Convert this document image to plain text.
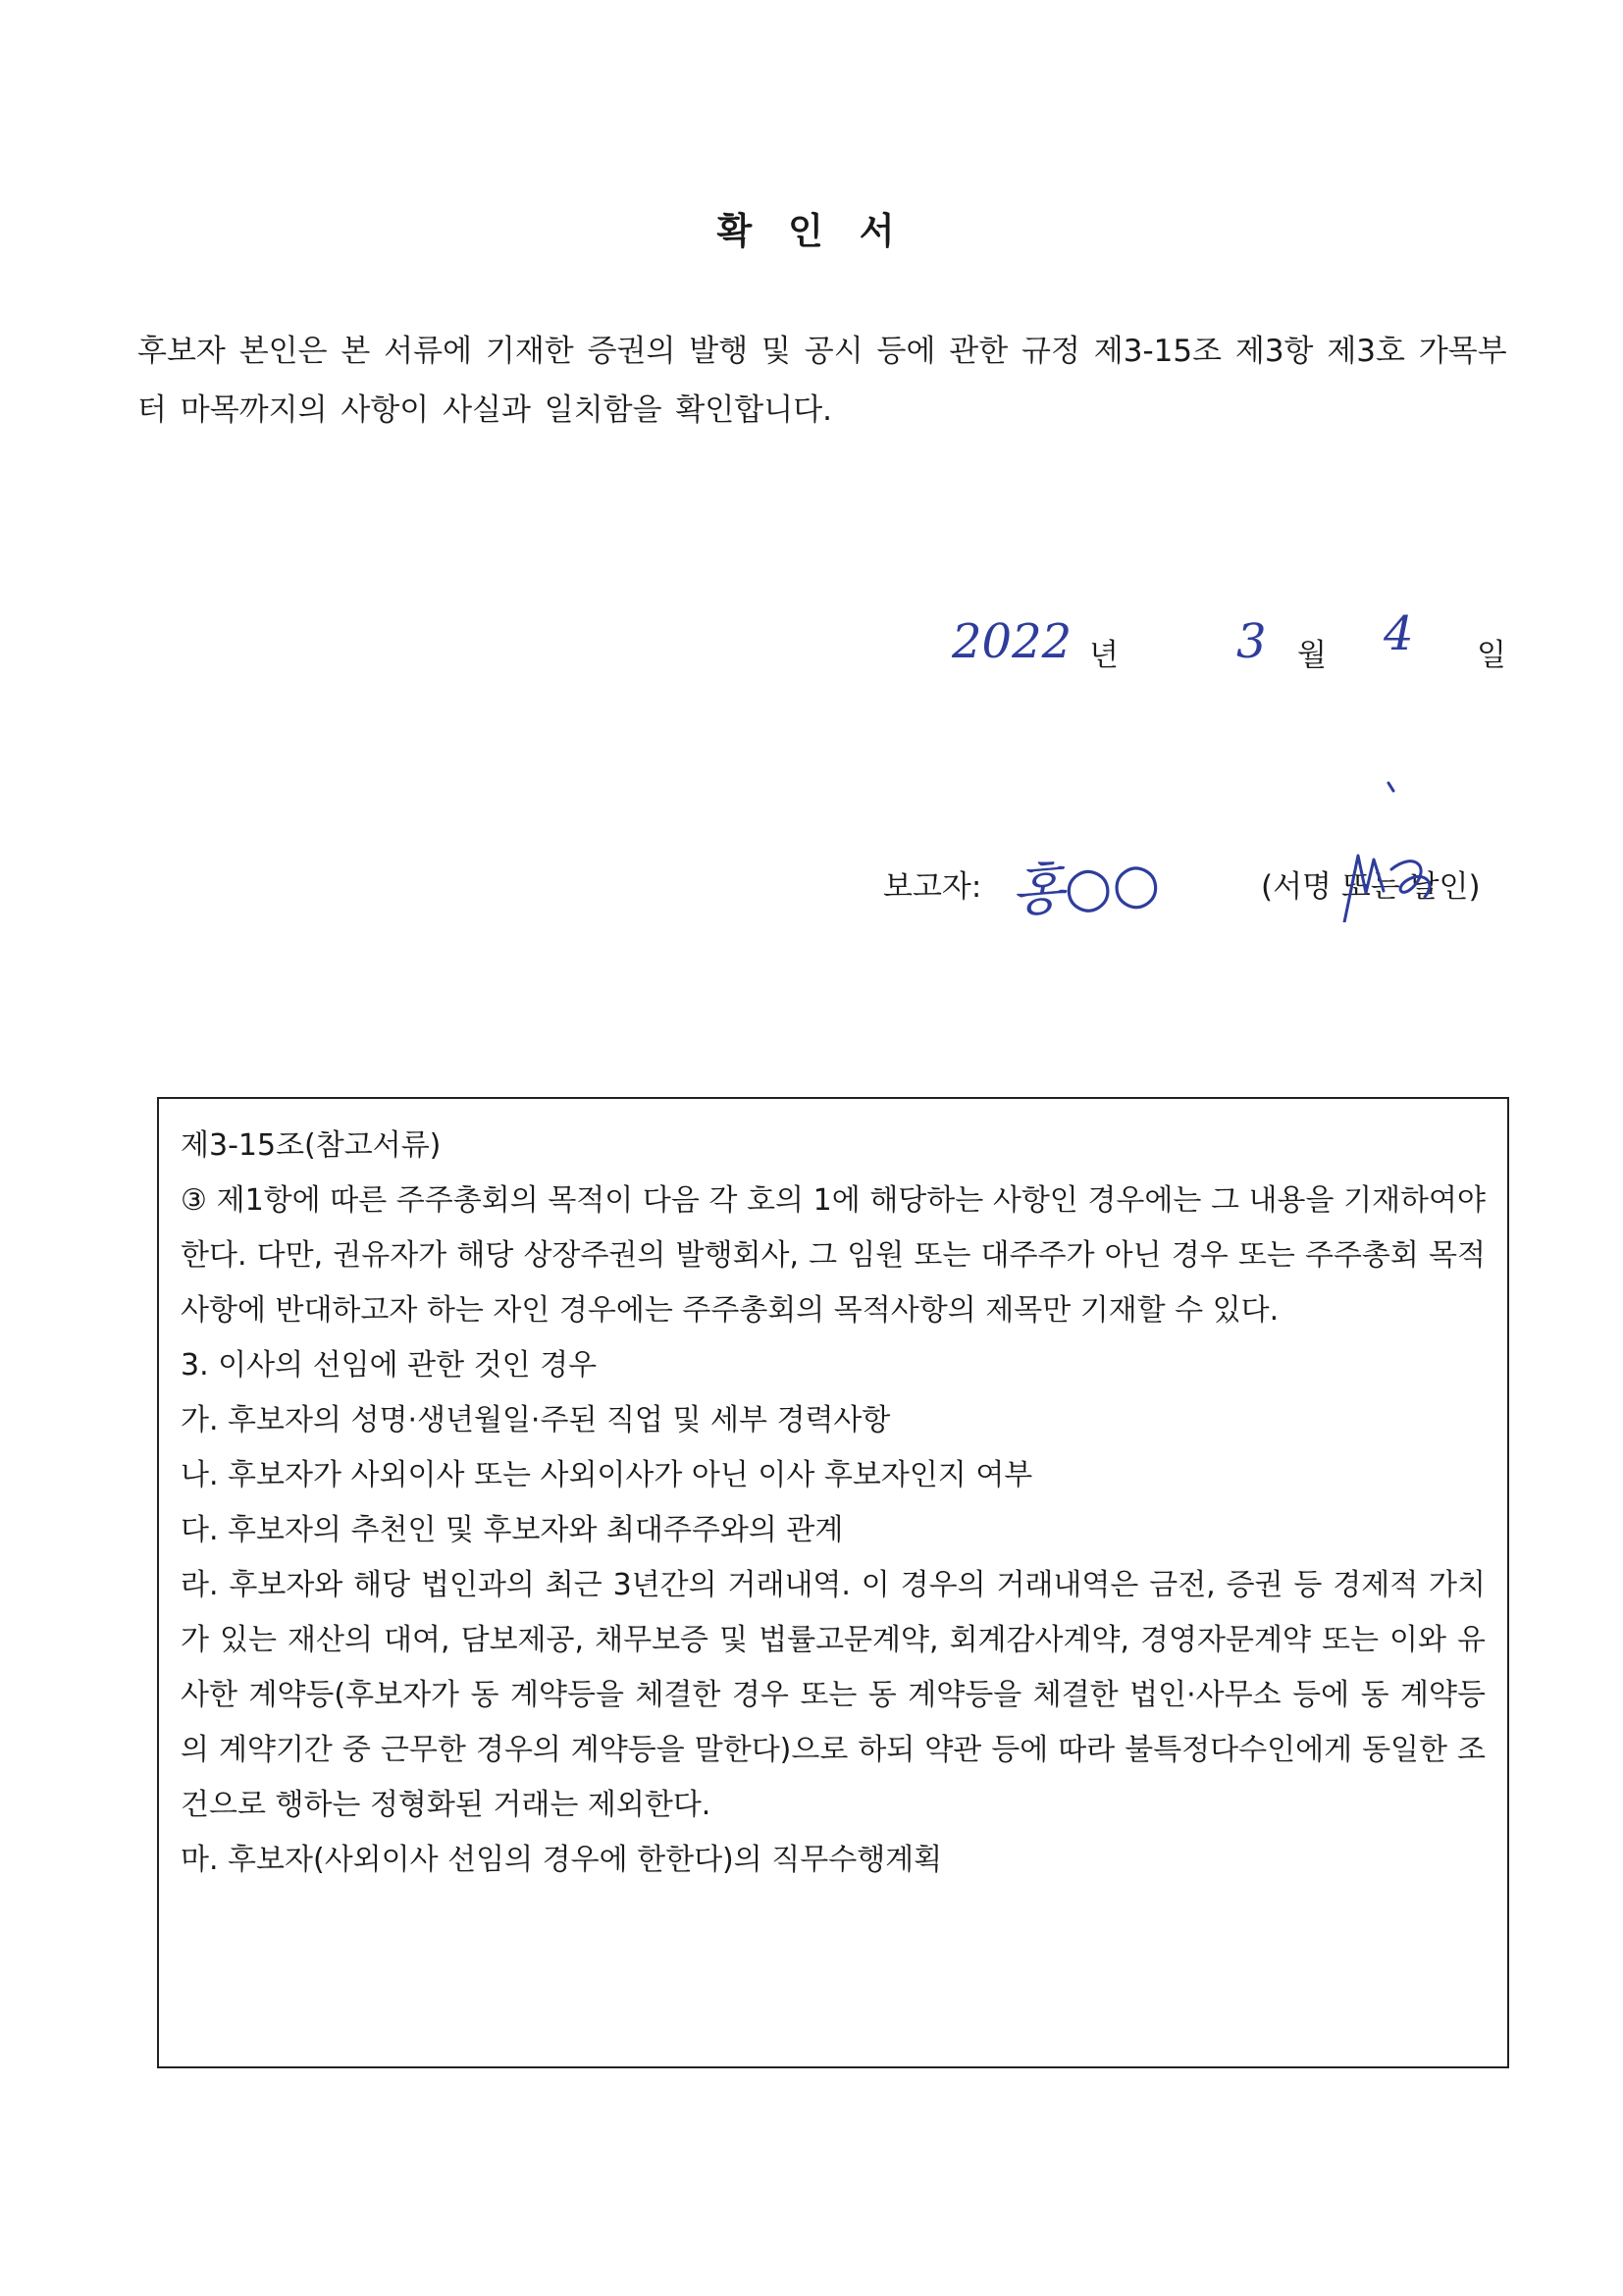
확 인 서

후보자 본인은 본 서류에 기재한 증권의 발행 및 공시 등에 관한 규정 제3-15조 제3항 제3호 가목부터 마목까지의 사항이 사실과 일치함을 확인합니다.

2022 년	3 월 4 일
보고자: 홍○○	(서명 또는 날인)

제3-15조(참고서류)

③ 제1항에 따른 주주총회의 목적이 다음 각 호의 1에 해당하는 사항인 경우에는 그 내용을 기재하여야 한다. 다만, 권유자가 해당 상장주권의 발행회사, 그 임원 또는 대주주가 아닌 경우 또는 주주총회 목적사항에 반대하고자 하는 자인 경우에는 주주총회의 목적사항의 제목만 기재할 수 있다.

3. 이사의 선임에 관한 것인 경우

가. 후보자의 성명·생년월일·주된 직업 및 세부 경력사항

나. 후보자가 사외이사 또는 사외이사가 아닌 이사 후보자인지 여부

다. 후보자의 추천인 및 후보자와 최대주주와의 관계

라. 후보자와 해당 법인과의 최근 3년간의 거래내역. 이 경우의 거래내역은 금전, 증권 등 경제적 가치가 있는 재산의 대여, 담보제공, 채무보증 및 법률고문계약, 회계감사계약, 경영자문계약 또는 이와 유사한 계약등(후보자가 동 계약등을 체결한 경우 또는 동 계약등을 체결한 법인·사무소 등에 동 계약등의 계약기간 중 근무한 경우의 계약등을 말한다)으로 하되 약관 등에 따라 불특정다수인에게 동일한 조건으로 행하는 정형화된 거래는 제외한다.

마. 후보자(사외이사 선임의 경우에 한한다)의 직무수행계획
